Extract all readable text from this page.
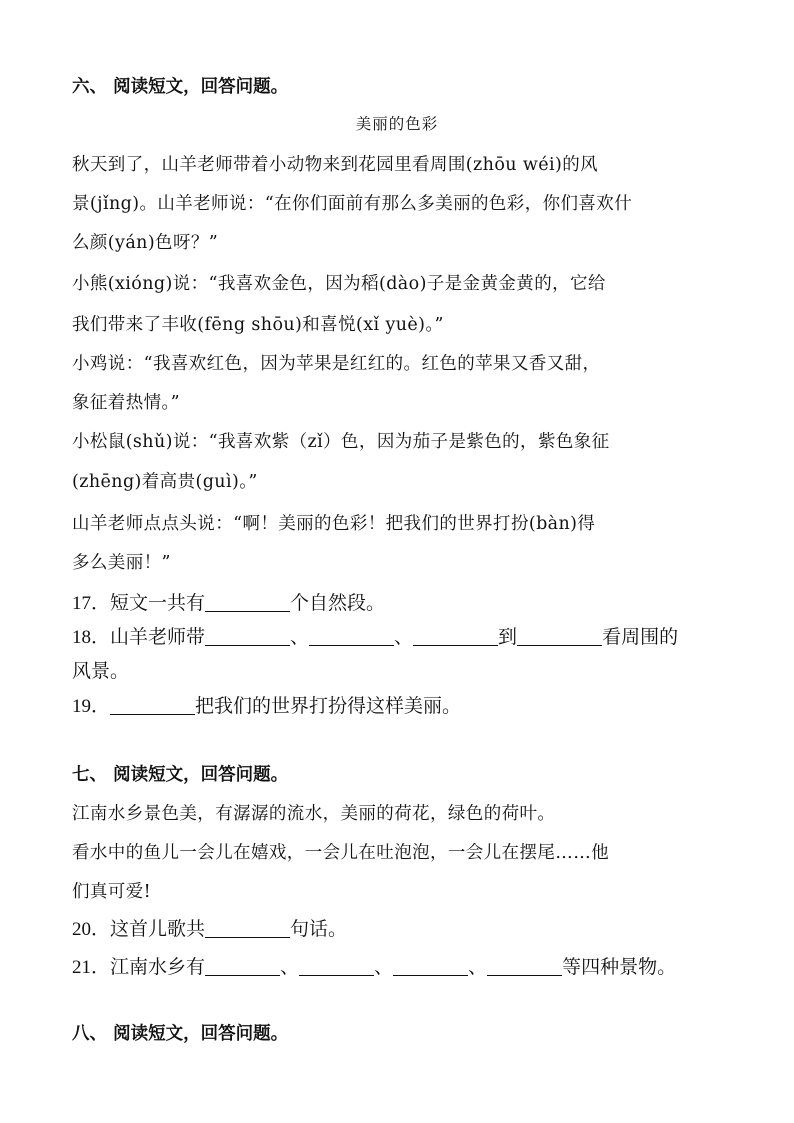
六、 阅读短文，回答问题。
美丽的色彩
秋天到了，山羊老师带着小动物来到花园里看周围(zhōu wéi)的风
景(jǐng)。山羊老师说：“在你们面前有那么多美丽的色彩，你们喜欢什
么颜(yán)色呀？”
小熊(xióng)说：“我喜欢金色，因为稻(dào)子是金黄金黄的，它给
我们带来了丰收(fēng shōu)和喜悦(xǐ yuè)。”
小鸡说：“我喜欢红色，因为苹果是红红的。红色的苹果又香又甜，
象征着热情。”
小松鼠(shǔ)说：“我喜欢紫（zǐ）色，因为茄子是紫色的，紫色象征
(zhēng)着高贵(guì)。”
山羊老师点点头说：“啊！美丽的色彩！把我们的世界打扮(bàn)得
多么美丽！”
17．短文一共有	个自然段。
18．山羊老师带	、	、	到	看周围的
风景。
19．	把我们的世界打扮得这样美丽。
七、 阅读短文，回答问题。
江南水乡景色美，有潺潺的流水，美丽的荷花，绿色的荷叶。
看水中的鱼儿一会儿在嬉戏，一会儿在吐泡泡，一会儿在摆尾……他
们真可爱!
20．这首儿歌共	句话。
21．江南水乡有	、	、	、	等四种景物。
八、 阅读短文，回答问题。
